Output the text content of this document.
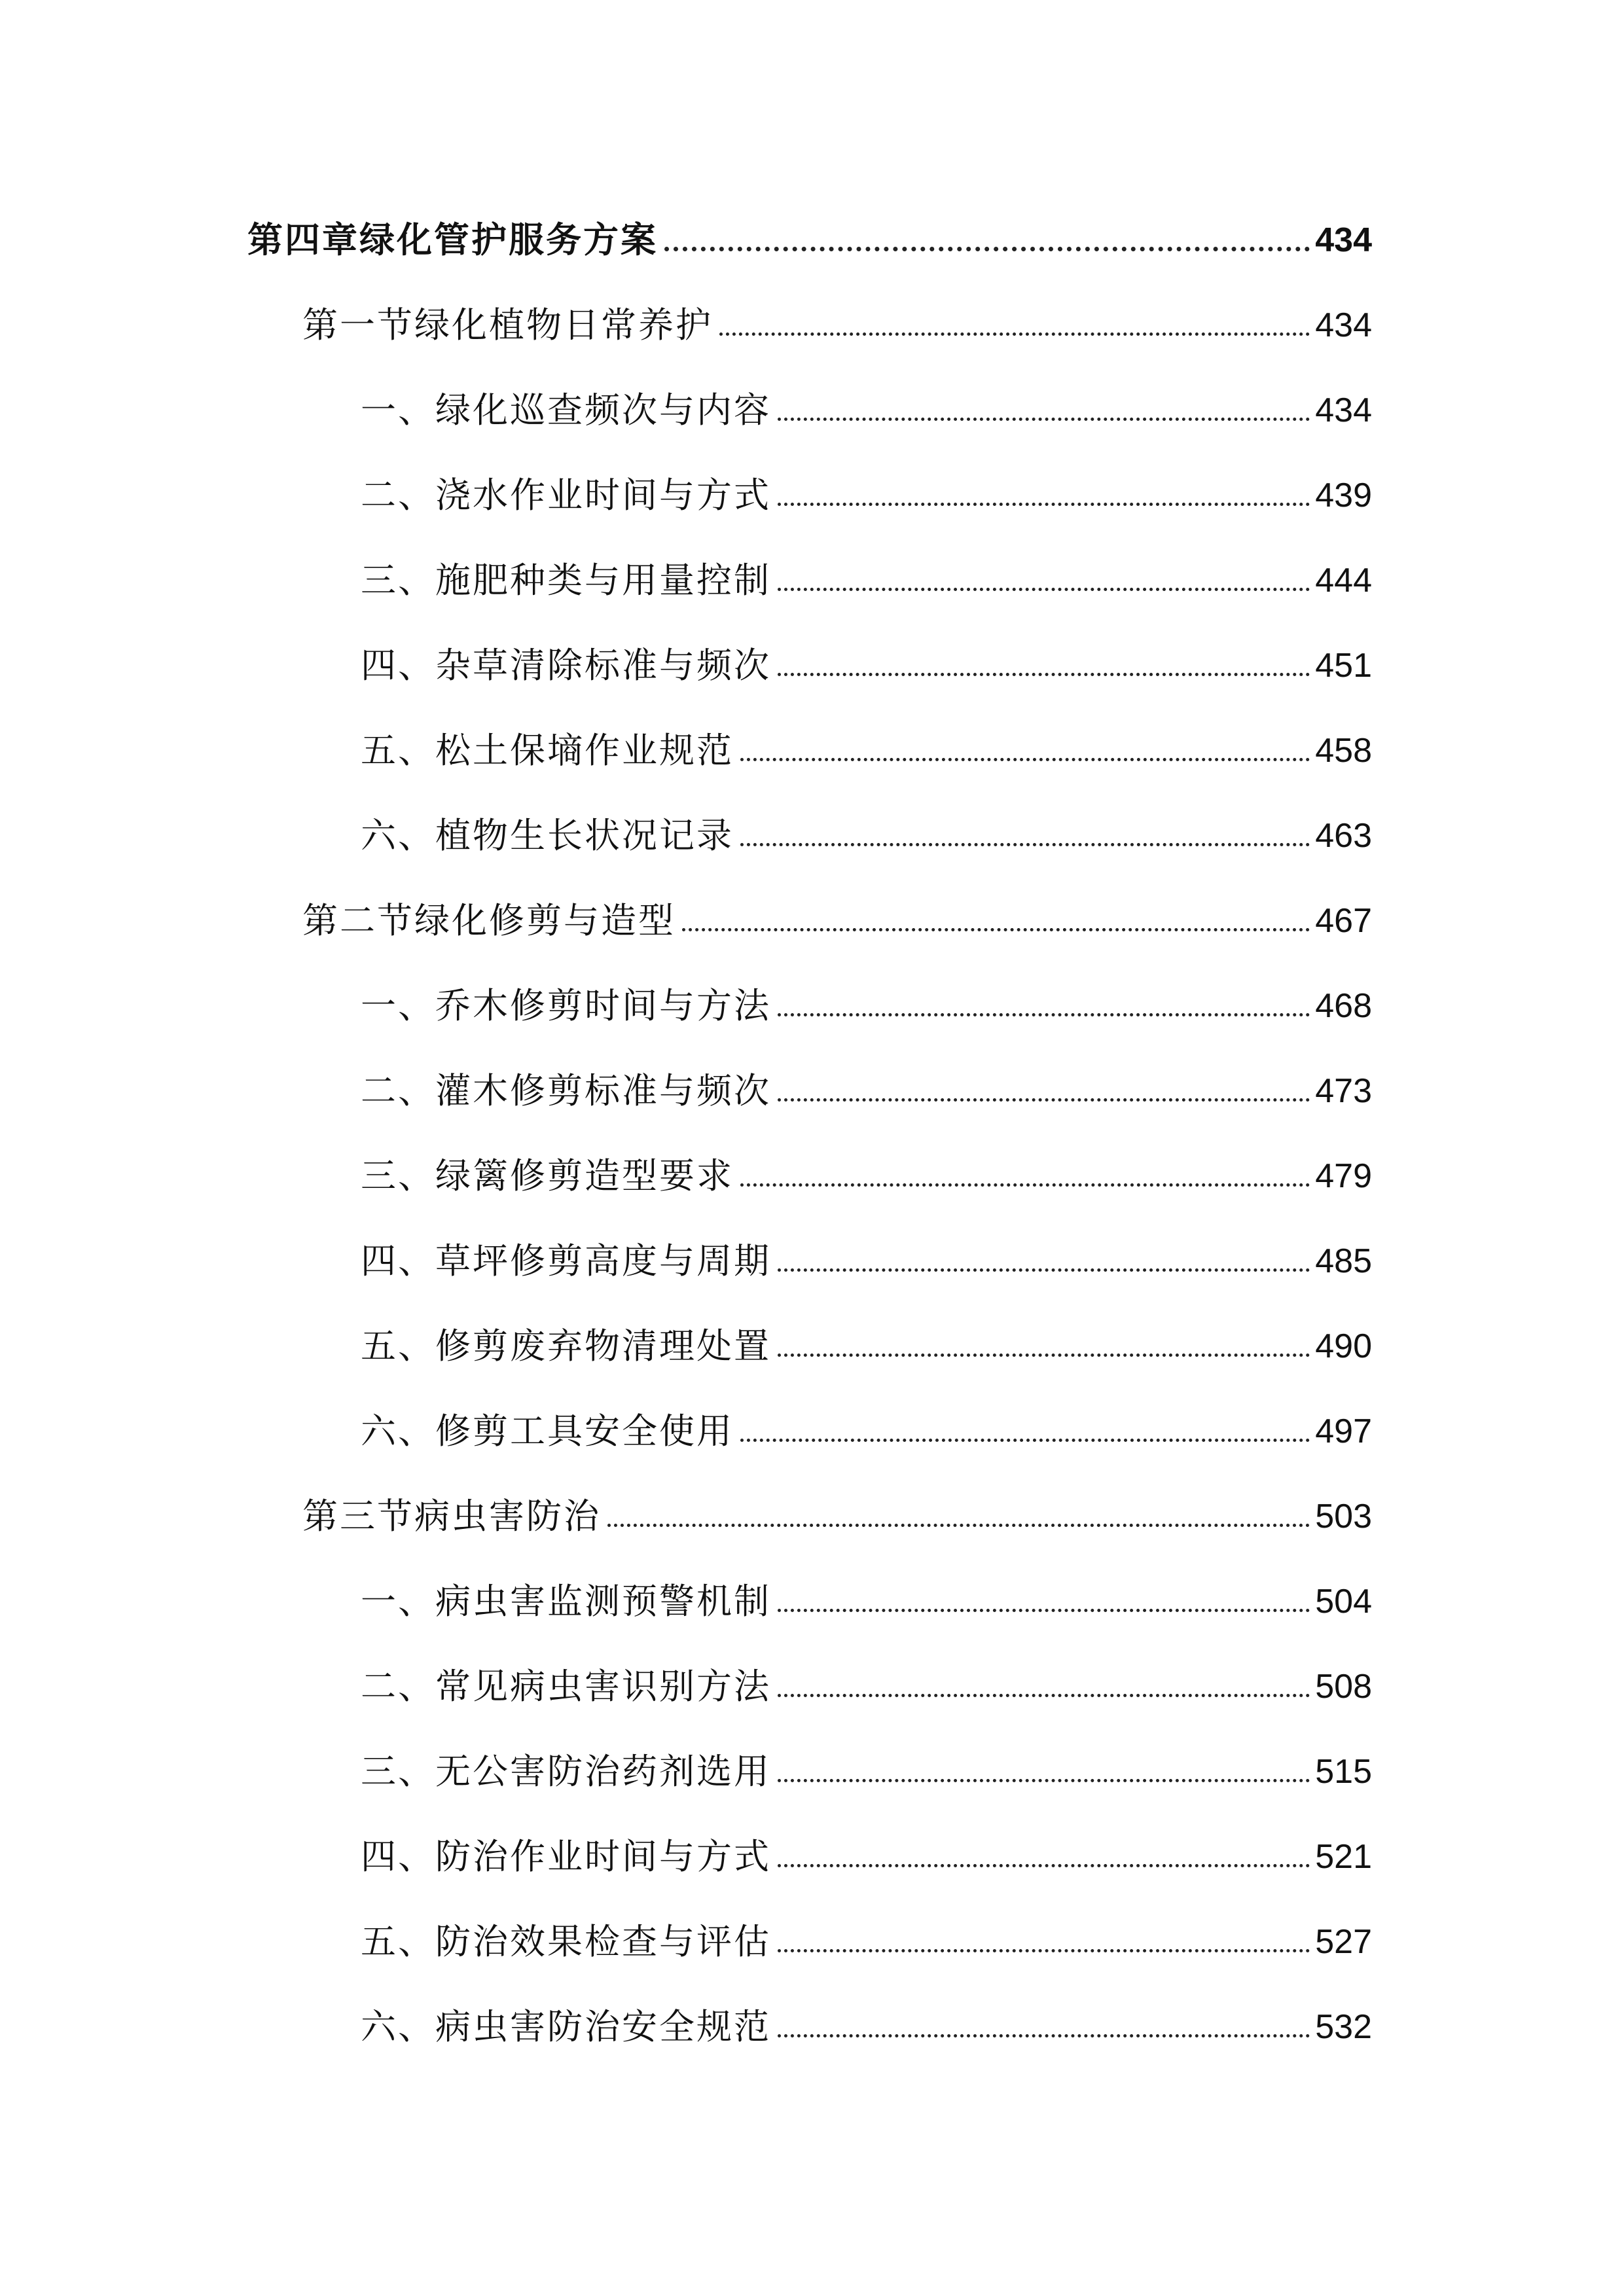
第四章绿化管护服务方案	434
第一节绿化植物日常养护	434
一、绿化巡查频次与内容	434
二、浇水作业时间与方式	439
三、施肥种类与用量控制	444
四、杂草清除标准与频次	451
五、松土保墒作业规范	458
六、植物生长状况记录	463
第二节绿化修剪与造型	467
一、乔木修剪时间与方法	468
二、灌木修剪标准与频次	473
三、绿篱修剪造型要求	479
四、草坪修剪高度与周期	485
五、修剪废弃物清理处置	490
六、修剪工具安全使用	497
第三节病虫害防治	503
一、病虫害监测预警机制	504
二、常见病虫害识别方法	508
三、无公害防治药剂选用	515
四、防治作业时间与方式	521
五、防治效果检查与评估	527
六、病虫害防治安全规范	532
